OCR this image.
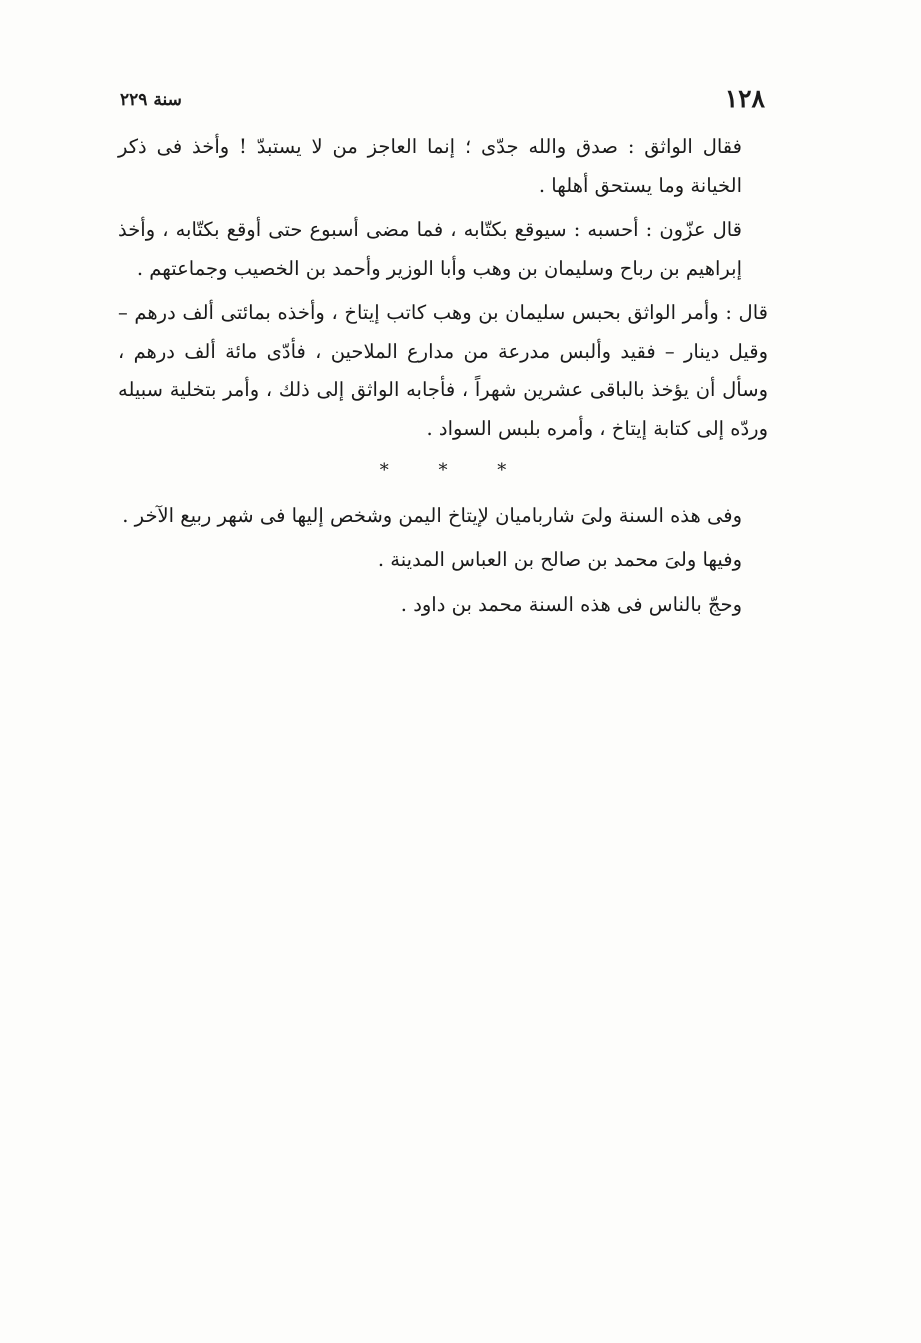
١٢٨
سنة ٢٢٩

فقال الواثق : صدق والله جدّى ؛ إنما العاجز من لا يستبدّ ! وأخذ فى ذكر الخيانة وما يستحق أهلها .

قال عزّون : أحسبه : سيوقع بكتّابه ، فما مضى أسبوع حتى أوقع بكتّابه ، وأخذ إبراهيم بن رباح وسليمان بن وهب وأبا الوزير وأحمد بن الخصيب وجماعتهم .

قال : وأمر الواثق بحبس سليمان بن وهب كاتب إيتاخ ، وأخذه بمائتى ألف درهم – وقيل دينار – فقيد وألبس مدرعة من مدارع الملاحين ، فأدّى مائة ألف درهم ، وسأل أن يؤخذ بالباقى عشرين شهراً ، فأجابه الواثق إلى ذلك ، وأمر بتخلية سبيله وردّه إلى كتابة إيتاخ ، وأمره بلبس السواد .

* * *

وفى هذه السنة ولىَ شارباميان لإيتاخ اليمن وشخص إليها فى شهر ربيع الآخر .

وفيها ولىَ محمد بن صالح بن العباس المدينة .

وحجّ بالناس فى هذه السنة محمد بن داود .
